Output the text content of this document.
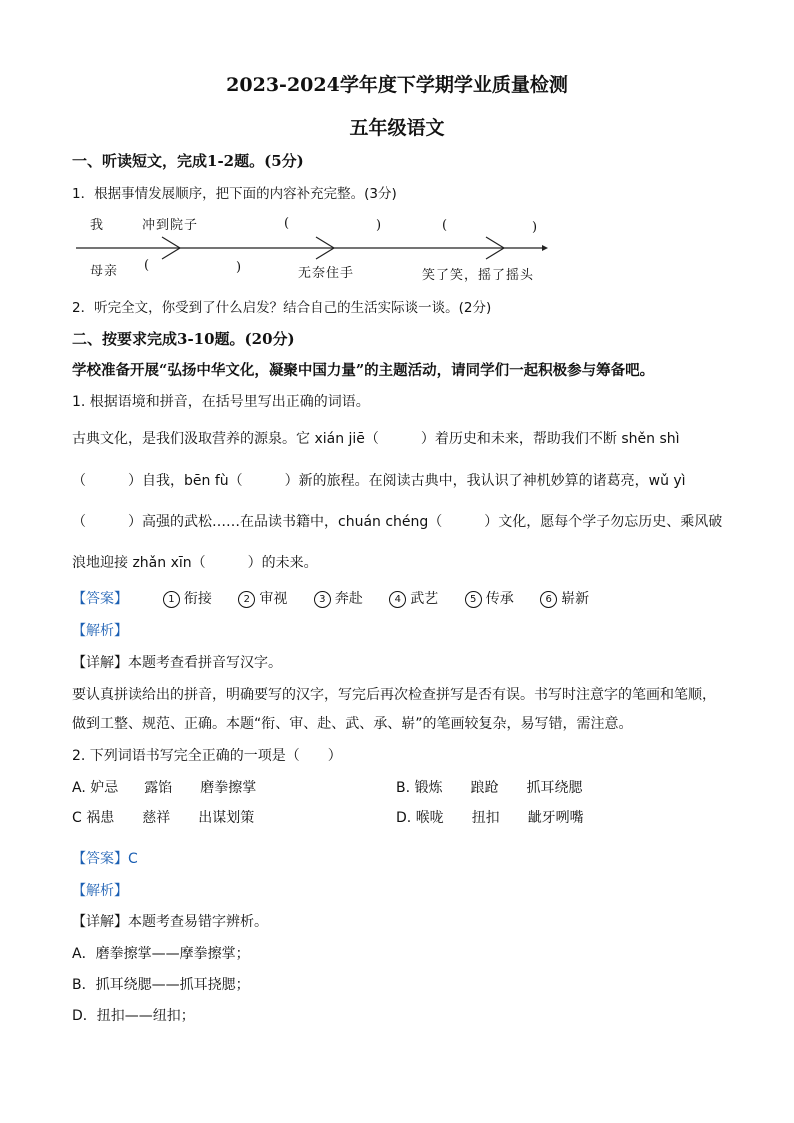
2023-2024学年度下学期学业质量检测
五年级语文
一、听读短文，完成1-2题。(5分)
1．根据事情发展顺序，把下面的内容补充完整。(3分)
我	冲到院子	(	)	(	)
母亲 (	)	无奈住手	笑了笑，摇了摇头
2．听完全文，你受到了什么启发？结合自己的生活实际谈一谈。(2分)
二、按要求完成3-10题。(20分)
学校准备开展“弘扬中华文化，凝聚中国力量”的主题活动，请同学们一起积极参与筹备吧。
1. 根据语境和拼音，在括号里写出正确的词语。
古典文化，是我们汲取营养的源泉。它 xián jiē（　　　）着历史和未来，帮助我们不断 shěn shì
（　　　）自我，bēn fù（　　　）新的旅程。在阅读古典中，我认识了神机妙算的诸葛亮，wǔ yì
（　　　）高强的武松……在品读书籍中，chuán chéng（　　　）文化，愿每个学子勿忘历史、乘风破
浪地迎接 zhǎn xīn（　　　）的未来。
【答案】	1 衔接	2 审视	3 奔赴	4 武艺	5 传承	6 崭新
【解析】
【详解】本题考查看拼音写汉字。
要认真拼读给出的拼音，明确要写的汉字，写完后再次检查拼写是否有误。书写时注意字的笔画和笔顺，
做到工整、规范、正确。本题“衔、审、赴、武、承、崭”的笔画较复杂，易写错，需注意。
2. 下列词语书写完全正确的一项是（　　）
A. 妒忌 露馅 磨拳擦掌	B. 锻炼 踉跄 抓耳绕腮
C 祸患 慈祥 出谋划策	D. 喉咙 扭扣 龇牙咧嘴
【答案】C
【解析】
【详解】本题考查易错字辨析。
A．磨拳擦掌——摩拳擦掌；
B．抓耳绕腮——抓耳挠腮；
D．扭扣——纽扣；
